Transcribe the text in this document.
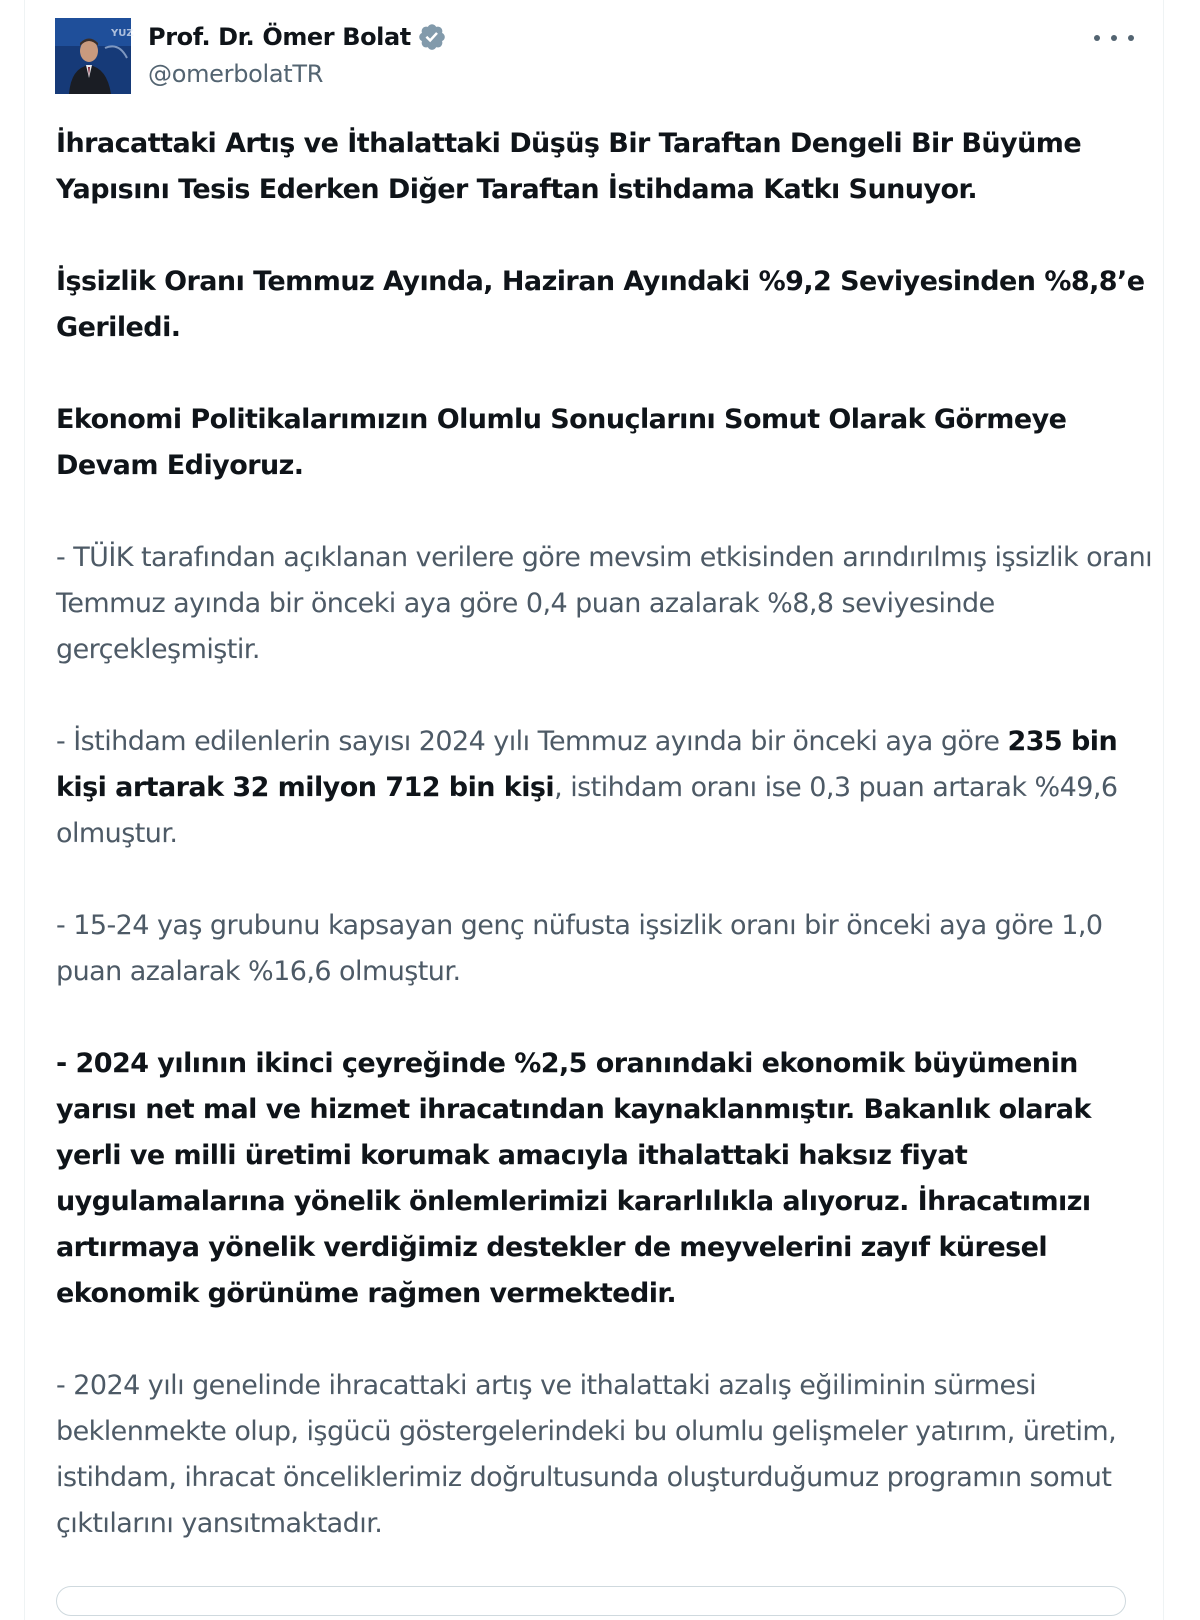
YUZ Prof. Dr. Ömer Bolat
@omerbolatTR

İhracattaki Artış ve İthalattaki Düşüş Bir Taraftan Dengeli Bir Büyüme Yapısını Tesis Ederken Diğer Taraftan İstihdama Katkı Sunuyor.

İşsizlik Oranı Temmuz Ayında, Haziran Ayındaki %9,2 Seviyesinden %8,8’e Geriledi.

Ekonomi Politikalarımızın Olumlu Sonuçlarını Somut Olarak Görmeye Devam Ediyoruz.

- TÜİK tarafından açıklanan verilere göre mevsim etkisinden arındırılmış işsizlik oranı Temmuz ayında bir önceki aya göre 0,4 puan azalarak %8,8 seviyesinde gerçekleşmiştir.

- İstihdam edilenlerin sayısı 2024 yılı Temmuz ayında bir önceki aya göre 235 bin kişi artarak 32 milyon 712 bin kişi, istihdam oranı ise 0,3 puan artarak %49,6 olmuştur.

- 15-24 yaş grubunu kapsayan genç nüfusta işsizlik oranı bir önceki aya göre 1,0 puan azalarak %16,6 olmuştur.

- 2024 yılının ikinci çeyreğinde %2,5 oranındaki ekonomik büyümenin yarısı net mal ve hizmet ihracatından kaynaklanmıştır. Bakanlık olarak yerli ve milli üretimi korumak amacıyla ithalattaki haksız fiyat uygulamalarına yönelik önlemlerimizi kararlılıkla alıyoruz. İhracatımızı artırmaya yönelik verdiğimiz destekler de meyvelerini zayıf küresel ekonomik görünüme rağmen vermektedir.

- 2024 yılı genelinde ihracattaki artış ve ithalattaki azalış eğiliminin sürmesi beklenmekte olup, işgücü göstergelerindeki bu olumlu gelişmeler yatırım, üretim, istihdam, ihracat önceliklerimiz doğrultusunda oluşturduğumuz programın somut çıktılarını yansıtmaktadır.
